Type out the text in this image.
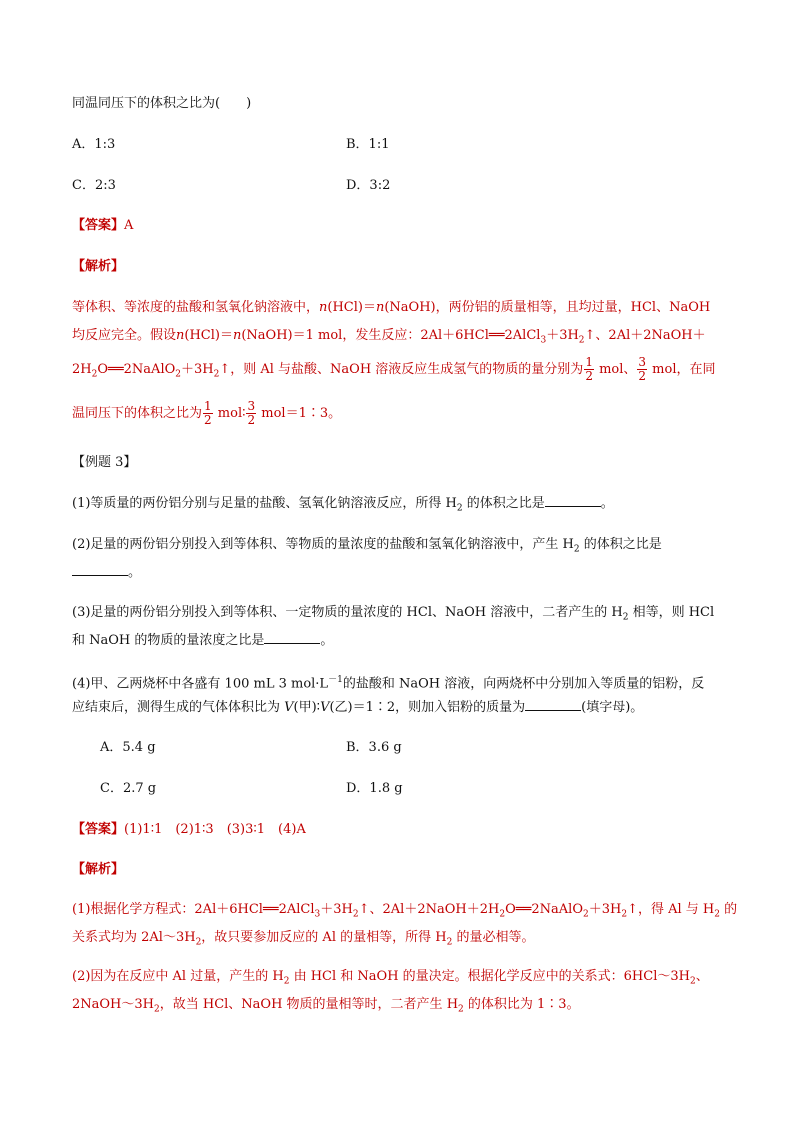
同温同压下的体积之比为(　　)
A．1:3	B．1:1
C．2:3	D．3:2
【答案】A
【解析】
等体积、等浓度的盐酸和氢氧化钠溶液中，n(HCl)＝n(NaOH)，两份铝的质量相等，且均过量，HCl、NaOH
均反应完全。假设n(HCl)＝n(NaOH)＝1 mol，发生反应：$2Al+6HCl══2AlCl_3+3H_2↑$、2Al＋2NaOH＋
$2H_2O══2NaAlO_2+3H_2↑$，则 Al 与盐酸、NaOH 溶液反应生成氢气的物质的量分别为 $\frac{1}{2}$ mol、 $\frac{3}{2}$ mol，在同
温同压下的体积之比为 $\frac{1}{2}$ mol∶ $\frac{3}{2}$ mol＝1∶3。
【例题 3】
(1)等质量的两份铝分别与足量的盐酸、氢氧化钠溶液反应，所得 $H_2$ 的体积之比是	。
(2)足量的两份铝分别投入到等体积、等物质的量浓度的盐酸和氢氧化钠溶液中，产生 $H_2$ 的体积之比是
。
(3)足量的两份铝分别投入到等体积、一定物质的量浓度的 HCl、NaOH 溶液中，二者产生的 $H_2$ 相等，则 HCl
和 NaOH 的物质的量浓度之比是	。
(4)甲、乙两烧杯中各盛有 100 mL 3 $mol\cdot L^{-1}$的盐酸和 NaOH 溶液，向两烧杯中分别加入等质量的铝粉，反
应结束后，测得生成的气体体积比为 V(甲)∶V(乙)＝1∶2，则加入铝粉的质量为	(填字母)。
A．5.4 g	B．3.6 g
C．2.7 g	D．1.8 g
【答案】(1)1∶1　(2)1∶3　(3)3∶1　(4)A
【解析】
(1)根据化学方程式：$2Al+6HCl══2AlCl_3+3H_2↑$、$2Al+2NaOH+2H_2O══2NaAlO_2+3H_2↑$，得 Al 与 $H_2$ 的
关系式均为 $2Al\sim 3H_2$，故只要参加反应的 Al 的量相等，所得 $H_2$ 的量必相等。
(2)因为在反应中 Al 过量，产生的 $H_2$ 由 HCl 和 NaOH 的量决定。根据化学反应中的关系式：$6HCl\sim 3H_2$、
$2NaOH\sim 3H_2$，故当 HCl、NaOH 物质的量相等时，二者产生 $H_2$ 的体积比为 1∶3。
